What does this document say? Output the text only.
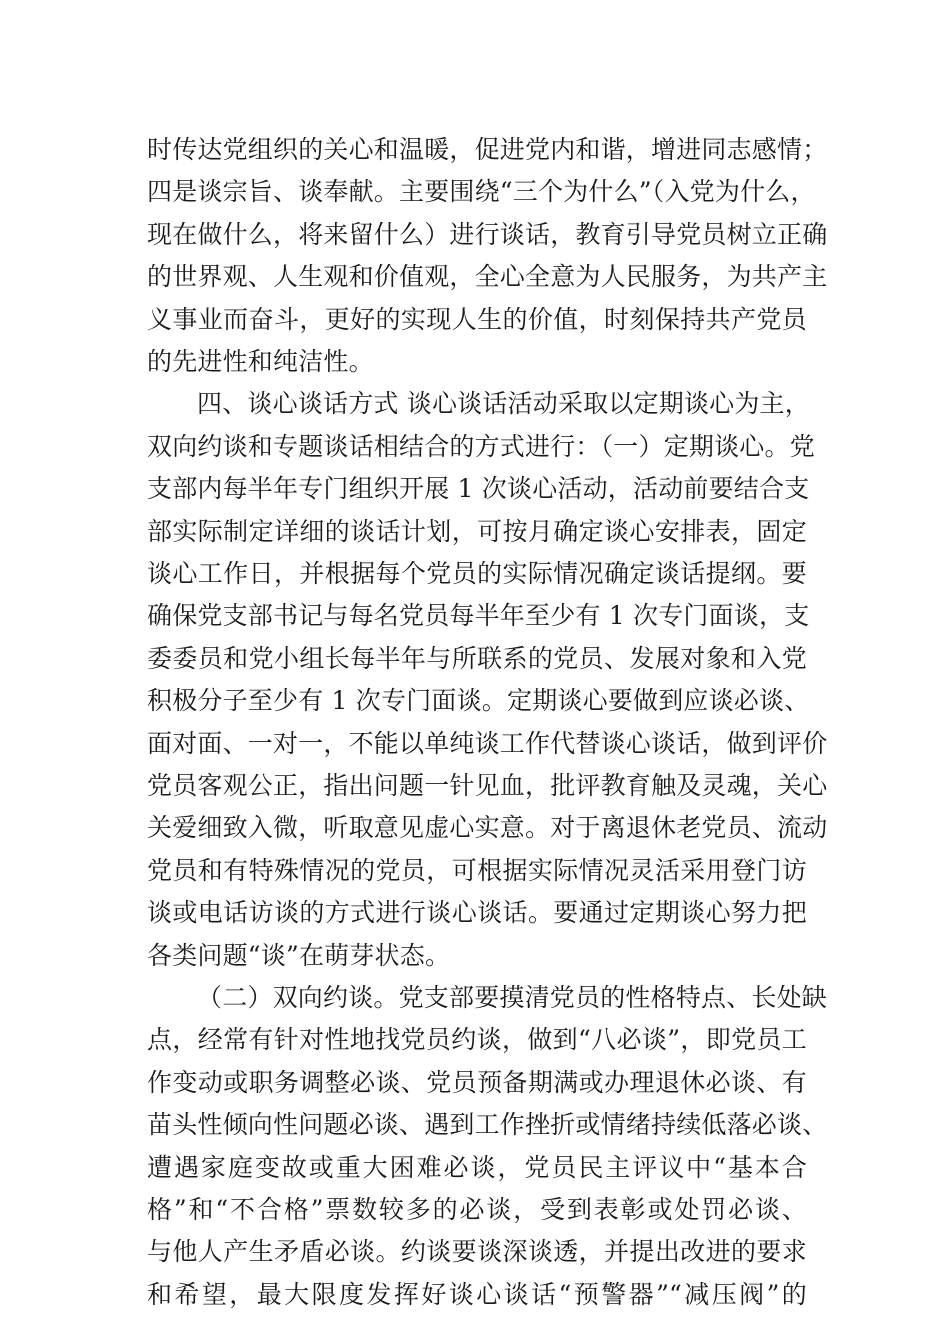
时传达党组织的关心和温暖，促进党内和谐，增进同志感情；
四是谈宗旨、谈奉献。主要围绕“三个为什么”（入党为什么，
现在做什么，将来留什么）进行谈话，教育引导党员树立正确
的世界观、人生观和价值观，全心全意为人民服务，为共产主
义事业而奋斗，更好的实现人生的价值，时刻保持共产党员
的先进性和纯洁性。
四、谈心谈话方式 谈心谈话活动采取以定期谈心为主，
双向约谈和专题谈话相结合的方式进行：（一）定期谈心。党
支部内每半年专门组织开展 1 次谈心活动，活动前要结合支
部实际制定详细的谈话计划，可按月确定谈心安排表，固定
谈心工作日，并根据每个党员的实际情况确定谈话提纲。要
确保党支部书记与每名党员每半年至少有 1 次专门面谈，支
委委员和党小组长每半年与所联系的党员、发展对象和入党
积极分子至少有 1 次专门面谈。定期谈心要做到应谈必谈、
面对面、一对一，不能以单纯谈工作代替谈心谈话，做到评价
党员客观公正，指出问题一针见血，批评教育触及灵魂，关心
关爱细致入微，听取意见虚心实意。对于离退休老党员、流动
党员和有特殊情况的党员，可根据实际情况灵活采用登门访
谈或电话访谈的方式进行谈心谈话。要通过定期谈心努力把
各类问题“谈”在萌芽状态。
（二）双向约谈。党支部要摸清党员的性格特点、长处缺
点，经常有针对性地找党员约谈，做到“八必谈”，即党员工
作变动或职务调整必谈、党员预备期满或办理退休必谈、有
苗头性倾向性问题必谈、遇到工作挫折或情绪持续低落必谈、
遭遇家庭变故或重大困难必谈，党员民主评议中“基本合
格”和“不合格”票数较多的必谈，受到表彰或处罚必谈、
与他人产生矛盾必谈。约谈要谈深谈透，并提出改进的要求
和希望，最大限度发挥好谈心谈话“预警器”“减压阀”的
